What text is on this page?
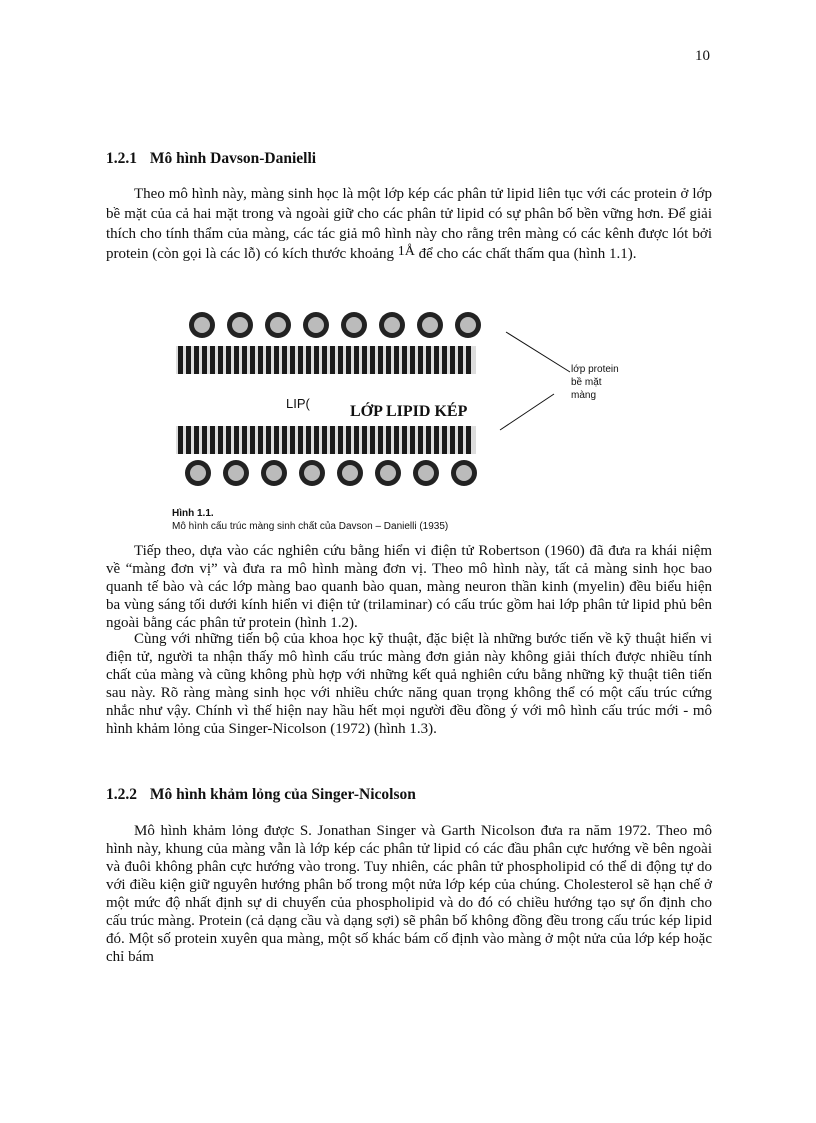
10
1.2.1 Mô hình Davson-Danielli

Theo mô hình này, màng sinh học là một lớp kép các phân tử lipid liên tục với các protein ở lớp bề mặt của cả hai mặt trong và ngoài giữ cho các phân tử lipid có sự phân bố bền vững hơn. Để giải thích cho tính thẩm của màng, các tác giả mô hình này cho rằng trên màng có các kênh được lót bởi protein (còn gọi là các lỗ) có kích thước khoảng 1Å để cho các chất thấm qua (hình 1.1).

LIP(	LỚP LIPID KÉP
lớp protein
bề mặt
màng
Hình 1.1.
Mô hình cấu trúc màng sinh chất của Davson – Danielli (1935)

Tiếp theo, dựa vào các nghiên cứu bằng hiển vi điện tử Robertson (1960) đã đưa ra khái niệm về “màng đơn vị” và đưa ra mô hình màng đơn vị. Theo mô hình này, tất cả màng sinh học bao quanh tế bào và các lớp màng bao quanh bào quan, màng neuron thần kinh (myelin) đều biểu hiện ba vùng sáng tối dưới kính hiển vi điện tử (trilaminar) có cấu trúc gồm hai lớp phân tử lipid phủ bên ngoài bằng các phân tử protein (hình 1.2).

Cùng với những tiến bộ của khoa học kỹ thuật, đặc biệt là những bước tiến về kỹ thuật hiển vi điện tử, người ta nhận thấy mô hình cấu trúc màng đơn giản này không giải thích được nhiều tính chất của màng và cũng không phù hợp với những kết quả nghiên cứu bằng những kỹ thuật tiên tiến sau này. Rõ ràng màng sinh học với nhiều chức năng quan trọng không thể có một cấu trúc cứng nhắc như vậy. Chính vì thế hiện nay hầu hết mọi người đều đồng ý với mô hình cấu trúc mới - mô hình khảm lỏng của Singer-Nicolson (1972) (hình 1.3).

1.2.2 Mô hình khảm lỏng của Singer-Nicolson

Mô hình khảm lỏng được S. Jonathan Singer và Garth Nicolson đưa ra năm 1972. Theo mô hình này, khung của màng vẫn là lớp kép các phân tử lipid có các đầu phân cực hướng về bên ngoài và đuôi không phân cực hướng vào trong. Tuy nhiên, các phân tử phospholipid có thể di động tự do với điều kiện giữ nguyên hướng phân bố trong một nửa lớp kép của chúng. Cholesterol sẽ hạn chế ở một mức độ nhất định sự di chuyển của phospholipid và do đó có chiều hướng tạo sự ổn định cho cấu trúc màng. Protein (cả dạng cầu và dạng sợi) sẽ phân bố không đồng đều trong cấu trúc kép lipid đó. Một số protein xuyên qua màng, một số khác bám cố định vào màng ở một nửa của lớp kép hoặc chỉ bám
